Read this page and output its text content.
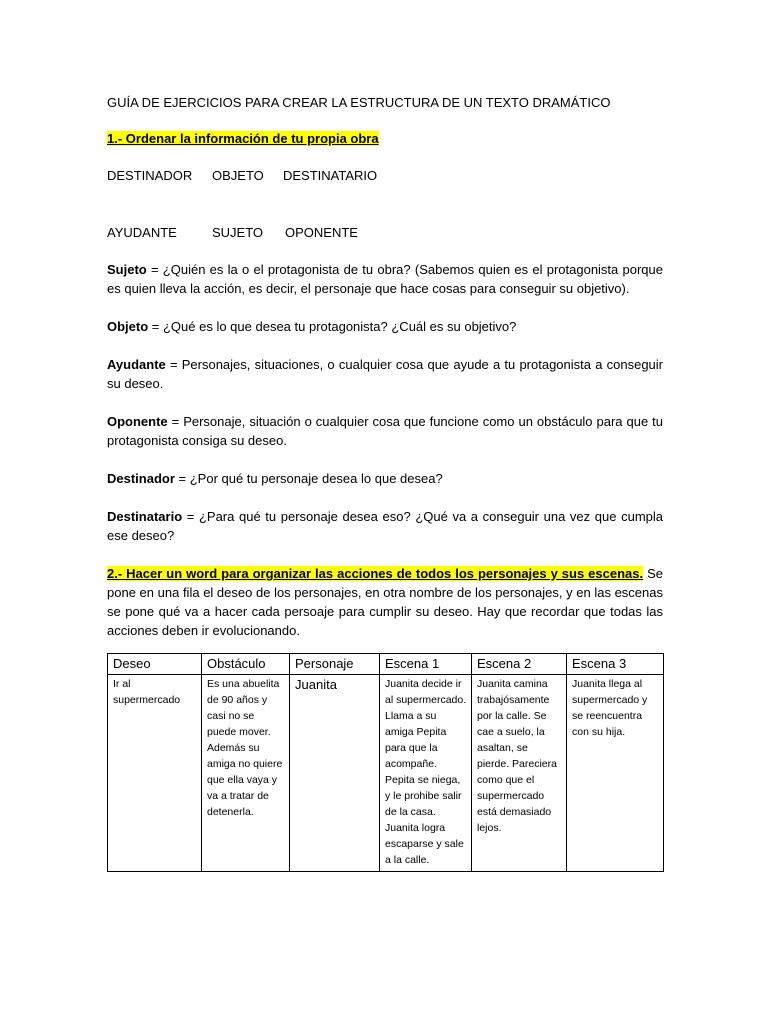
GUÍA DE EJERCICIOS PARA CREAR LA ESTRUCTURA DE UN TEXTO DRAMÁTICO

1.- Ordenar la información de tu propia obra
DESTINADOR	OBJETO	DESTINATARIO
AYUDANTE	SUJETO	OPONENTE

Sujeto = ¿Quién es la o el protagonista de tu obra? (Sabemos quien es el protagonista porque es quien lleva la acción, es decir, el personaje que hace cosas para conseguir su objetivo).

Objeto = ¿Qué es lo que desea tu protagonista? ¿Cuál es su objetivo?

Ayudante = Personajes, situaciones, o cualquier cosa que ayude a tu protagonista a conseguir su deseo.

Oponente = Personaje, situación o cualquier cosa que funcione como un obstáculo para que tu protagonista consiga su deseo.

Destinador = ¿Por qué tu personaje desea lo que desea?

Destinatario = ¿Para qué tu personaje desea eso? ¿Qué va a conseguir una vez que cumpla ese deseo?

2.- Hacer un word para organizar las acciones de todos los personajes y sus escenas. Se pone en una fila el deseo de los personajes, en otra nombre de los personajes, y en las escenas se pone qué va a hacer cada persoaje para cumplir su deseo. Hay que recordar que todas las acciones deben ir evolucionando.

Deseo	Obstáculo	Personaje	Escena 1	Escena 2	Escena 3
Ir al supermercado	Es una abuelita de 90 años y casi no se puede mover. Además su amiga no quiere que ella vaya y va a tratar de detenerla.	Juanita	Juanita decide ir al supermercado. Llama a su amiga Pepita para que la acompañe. Pepita se niega, y le prohibe salir de la casa. Juanita logra escaparse y sale a la calle.	Juanita camina trabajósamente por la calle. Se cae a suelo, la asaltan, se pierde. Pareciera como que el supermercado está demasiado lejos.	Juanita llega al supermercado y se reencuentra con su hija.
